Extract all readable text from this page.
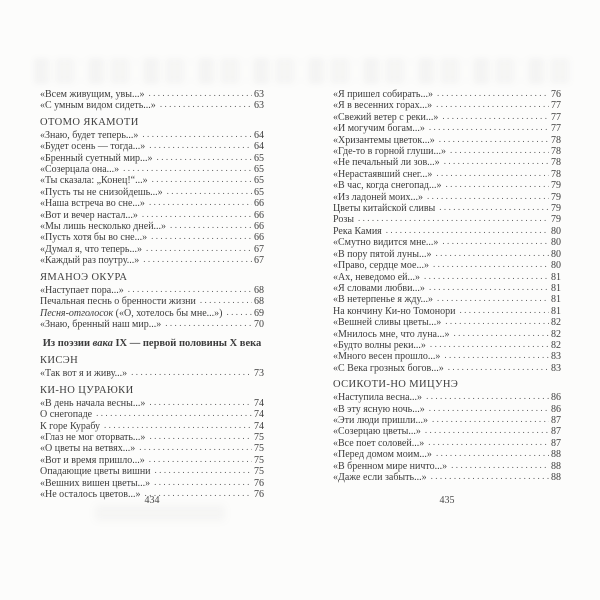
«Всем живущим, увы...» .....	63
«С умным видом сидеть...» .....	63
ОТОМО ЯКАМОТИ
«Знаю, будет теперь...» .....	64
«Будет осень — тогда...» .....	64
«Бренный суетный мир...» .....	65
«Созерцала она...» .....	65
«Ты сказала: „Конец!“...» .....	65
«Пусть ты не снизойдешь...» .....	65
«Наша встреча во сне...» .....	66
«Вот и вечер настал...» .....	66
«Мы лишь несколько дней...» .....	66
«Пусть хотя бы во сне...» .....	66
«Думал я, что теперь...» .....	67
«Каждый раз поутру...» .....	67
ЯМАНОЭ ОКУРА
«Наступает пора...» .....	68
Печальная песнь о бренности жизни .....	68
Песня-отголосок («О, хотелось бы мне...») .....	69
«Знаю, бренный наш мир...» .....	70
Из поэзии вака IX — первой половины X века
КИСЭН
«Так вот я и живу...» .....	73
КИ-НО ЦУРАЮКИ
«В день начала весны...» .....	74
О снегопаде .....	74
К горе Курабу .....	74
«Глаз не мог оторвать...» .....	75
«О цветы на ветвях...» .....	75
«Вот и время пришло...» .....	75
Опадающие цветы вишни .....	75
«Вешних вишен цветы...» .....	76
«Не осталось цветов...» .....	76
«Я пришел собирать...» .....	76
«Я в весенних горах...» .....	77
«Свежий ветер с реки...» .....	77
«И могучим богам...» .....	77
«Хризантемы цветок...» .....	78
«Где-то в горной глуши...» .....	78
«Не печальный ли зов...» .....	78
«Нерастаявший снег...» .....	78
«В час, когда снегопад...» .....	79
«Из ладоней моих...» .....	79
Цветы китайской сливы .....	79
Розы .....	79
Река Камия .....	80
«Смутно видится мне...» .....	80
«В пору пятой луны...» .....	80
«Право, сердце мое...» .....	80
«Ах, неведомо ей...» .....	81
«Я словами любви...» .....	81
«В нетерпенье я жду...» .....	81
На кончину Ки-но Томонори .....	81
«Вешней сливы цветы...» .....	82
«Мнилось мне, что луна...» .....	82
«Будто волны реки...» .....	82
«Много весен прошло...» .....	83
«С Века грозных богов...» .....	83
ОСИКОТИ-НО МИЦУНЭ
«Наступила весна...» .....	86
«В эту ясную ночь...» .....	86
«Эти люди пришли...» .....	87
«Созерцаю цветы...» .....	87
«Все поет соловей...» .....	87
«Перед домом моим...» .....	88
«В бренном мире ничто...» .....	88
«Даже если забыть...» .....	88
434	435
